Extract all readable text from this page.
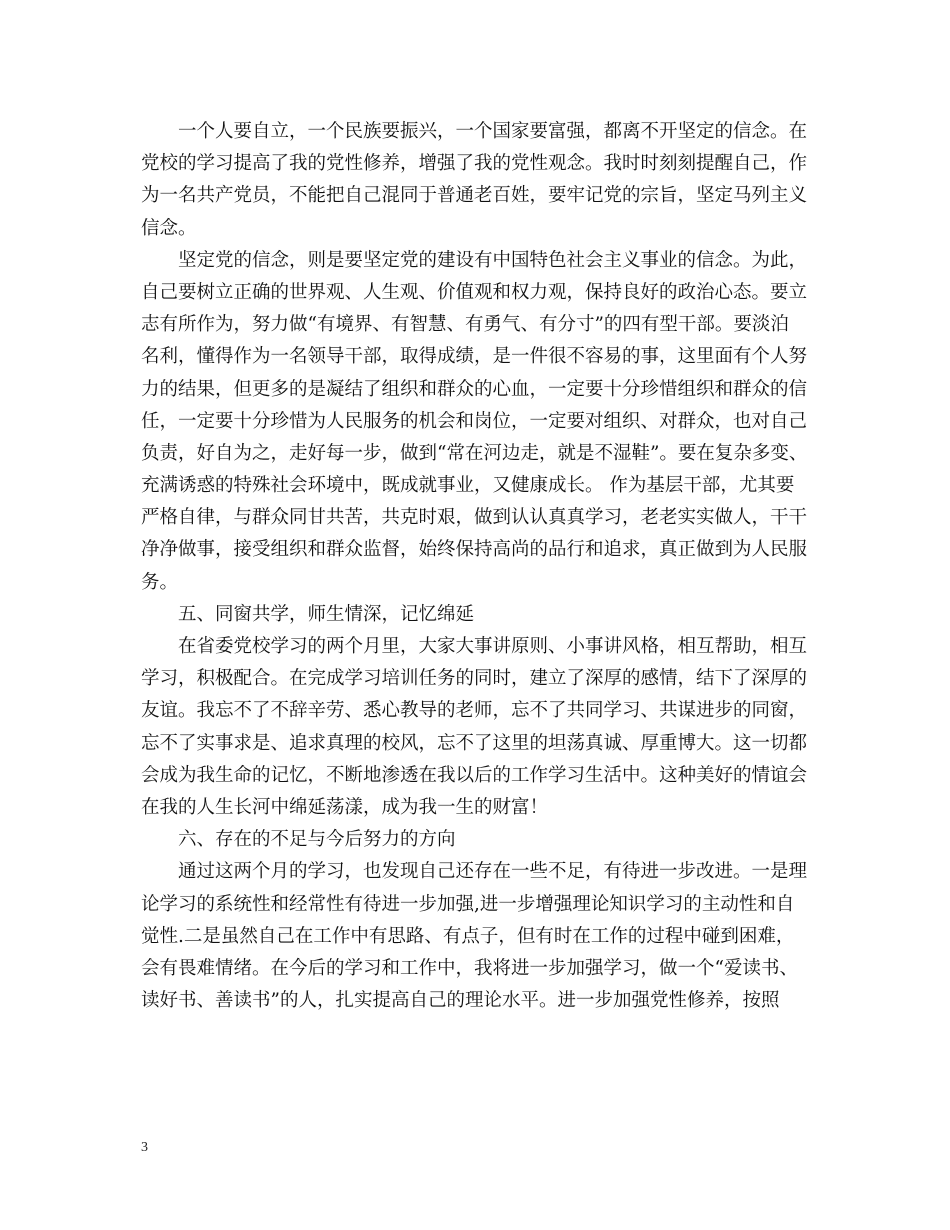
一个人要自立，一个民族要振兴，一个国家要富强，都离不开坚定的信念。在
党校的学习提高了我的党性修养，增强了我的党性观念。我时时刻刻提醒自己，作
为一名共产党员，不能把自己混同于普通老百姓，要牢记党的宗旨，坚定马列主义
信念。
坚定党的信念，则是要坚定党的建设有中国特色社会主义事业的信念。为此，
自己要树立正确的世界观、人生观、价值观和权力观，保持良好的政治心态。要立
志有所作为，努力做“有境界、有智慧、有勇气、有分寸”的四有型干部。要淡泊
名利，懂得作为一名领导干部，取得成绩，是一件很不容易的事，这里面有个人努
力的结果，但更多的是凝结了组织和群众的心血，一定要十分珍惜组织和群众的信
任，一定要十分珍惜为人民服务的机会和岗位，一定要对组织、对群众，也对自己
负责，好自为之，走好每一步，做到“常在河边走，就是不湿鞋”。要在复杂多变、
充满诱惑的特殊社会环境中，既成就事业，又健康成长。 作为基层干部，尤其要
严格自律，与群众同甘共苦，共克时艰，做到认认真真学习，老老实实做人，干干
净净做事，接受组织和群众监督，始终保持高尚的品行和追求，真正做到为人民服
务。
五、同窗共学，师生情深，记忆绵延
在省委党校学习的两个月里，大家大事讲原则、小事讲风格，相互帮助，相互
学习，积极配合。在完成学习培训任务的同时，建立了深厚的感情，结下了深厚的
友谊。我忘不了不辞辛劳、悉心教导的老师，忘不了共同学习、共谋进步的同窗，
忘不了实事求是、追求真理的校风，忘不了这里的坦荡真诚、厚重博大。这一切都
会成为我生命的记忆，不断地渗透在我以后的工作学习生活中。这种美好的情谊会
在我的人生长河中绵延荡漾，成为我一生的财富！
六、存在的不足与今后努力的方向
通过这两个月的学习，也发现自己还存在一些不足，有待进一步改进。一是理
论学习的系统性和经常性有待进一步加强,进一步增强理论知识学习的主动性和自
觉性.二是虽然自己在工作中有思路、有点子，但有时在工作的过程中碰到困难，
会有畏难情绪。在今后的学习和工作中，我将进一步加强学习，做一个“爱读书、
读好书、善读书”的人，扎实提高自己的理论水平。进一步加强党性修养，按照
3
